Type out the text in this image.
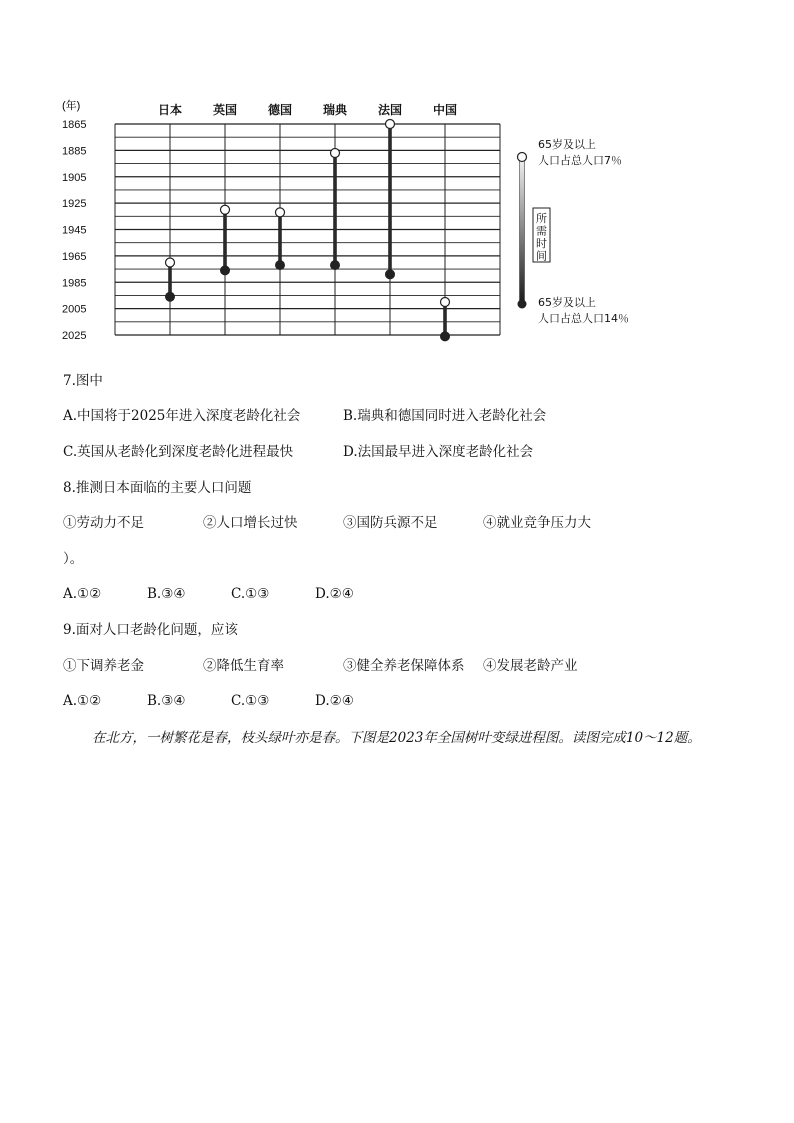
1865
1885
1905
1925
1945
1965
1985
2005
2025
日本	英国	德国	瑞典	法国	中国
(年)
65岁及以上人口占总人口7％
65岁及以上人口占总人口14％
所
需
时
间
7.图中
A.中国将于2025年进入深度老龄化社会	B.瑞典和德国同时进入老龄化社会
C.英国从老龄化到深度老龄化进程最快	D.法国最早进入深度老龄化社会
8.推测日本面临的主要人口问题
①劳动力不足	②人口增长过快	③国防兵源不足	④就业竞争压力大
）。
A.①②	B.③④	C.①③	D.②④
9.面对人口老龄化问题，应该
①下调养老金	②降低生育率	③健全养老保障体系 ④发展老龄产业
A.①②	B.③④	C.①③	D.②④
在北方，一树繁花是春，枝头绿叶亦是春。下图是2023年全国树叶变绿进程图。读图完成10～12题。
